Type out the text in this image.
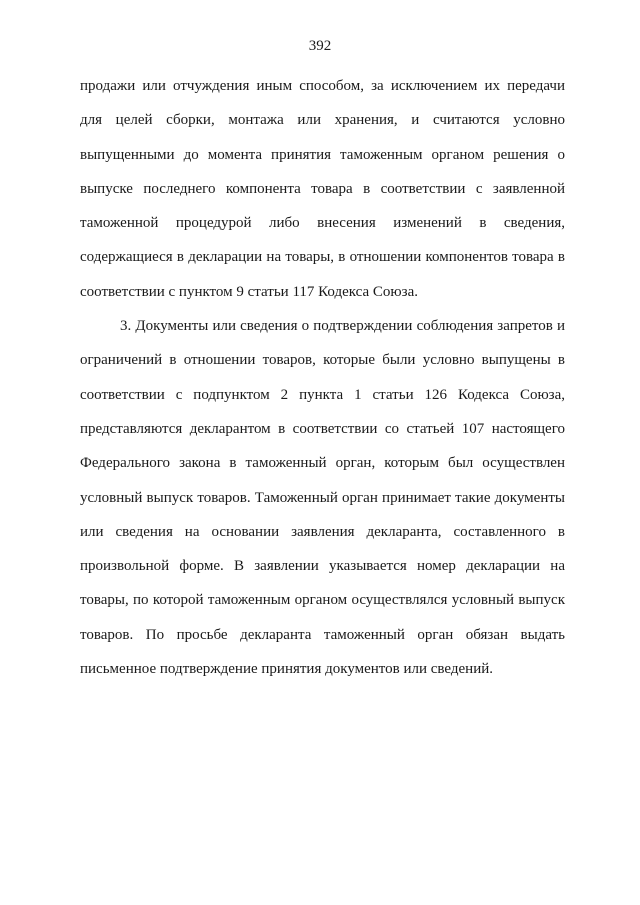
392
продажи или отчуждения иным способом, за исключением их передачи
для целей сборки, монтажа или хранения, и считаются условно
выпущенными до момента принятия таможенным органом решения о
выпуске последнего компонента товара в соответствии с заявленной
таможенной процедурой либо внесения изменений в сведения,
содержащиеся в декларации на товары, в отношении компонентов товара в
соответствии с пунктом 9 статьи 117 Кодекса Союза.
3. Документы или сведения о подтверждении соблюдения запретов и
ограничений в отношении товаров, которые были условно выпущены в
соответствии с подпунктом 2 пункта 1 статьи 126 Кодекса Союза,
представляются декларантом в соответствии со статьей 107 настоящего
Федерального закона в таможенный орган, которым был осуществлен
условный выпуск товаров. Таможенный орган принимает такие документы
или сведения на основании заявления декларанта, составленного в
произвольной форме. В заявлении указывается номер декларации на
товары, по которой таможенным органом осуществлялся условный выпуск
товаров. По просьбе декларанта таможенный орган обязан выдать
письменное подтверждение принятия документов или сведений.
